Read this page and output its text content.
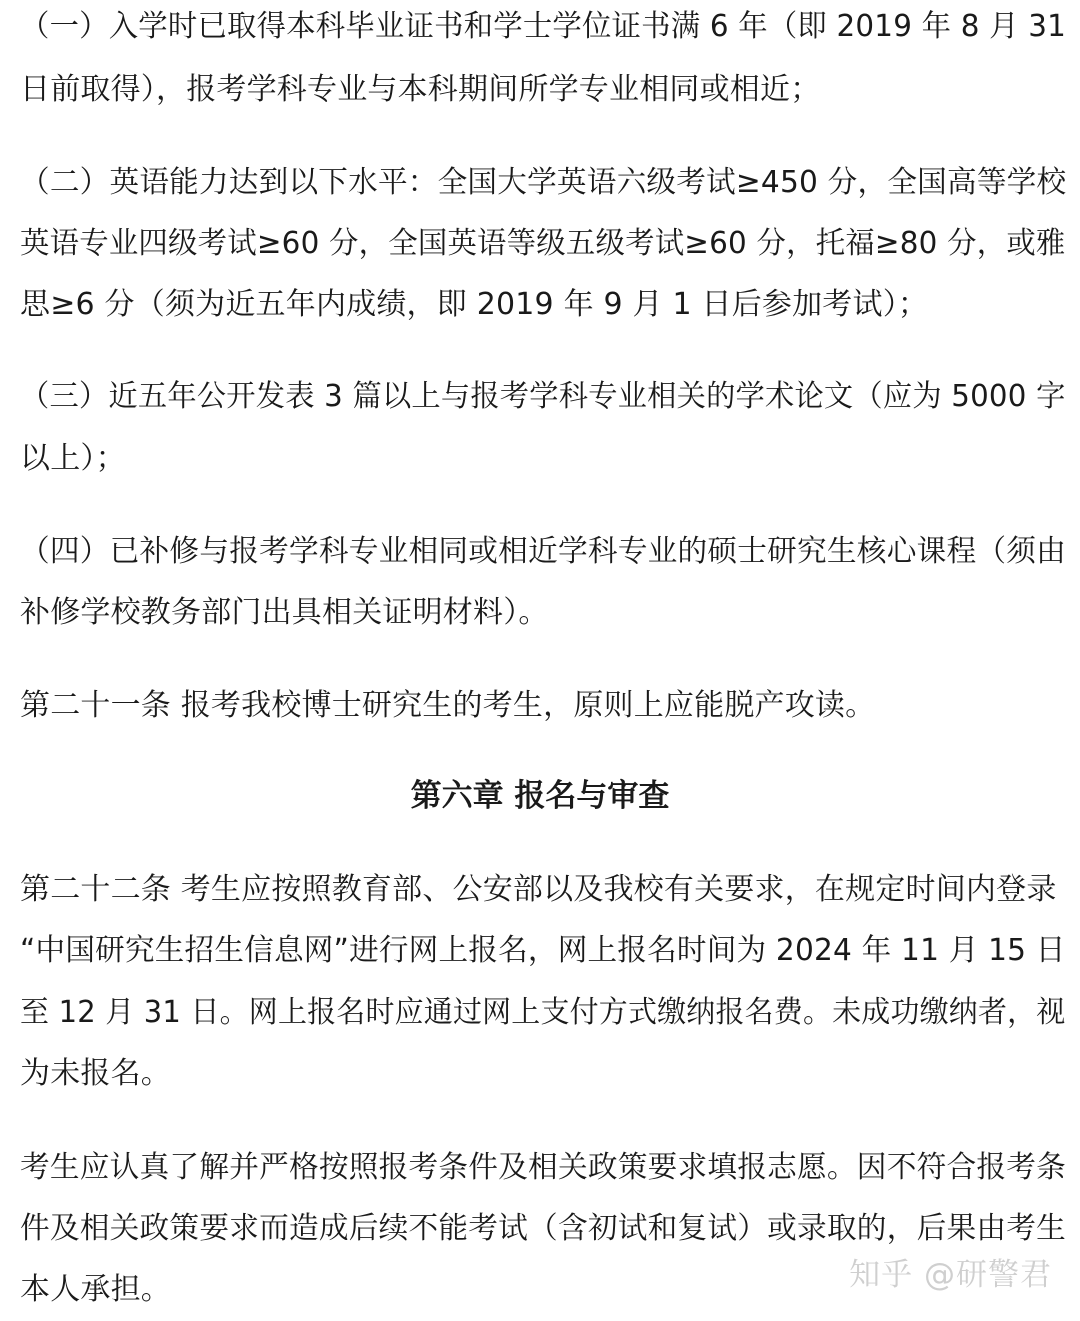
（一）入学时已取得本科毕业证书和学士学位证书满 6 年（即 2019 年 8 月 31
日前取得），报考学科专业与本科期间所学专业相同或相近；
（二）英语能力达到以下水平：全国大学英语六级考试≥450 分，全国高等学校
英语专业四级考试≥60 分，全国英语等级五级考试≥60 分，托福≥80 分，或雅
思≥6 分（须为近五年内成绩，即 2019 年 9 月 1 日后参加考试）；
（三）近五年公开发表 3 篇以上与报考学科专业相关的学术论文（应为 5000 字
以上）；
（四）已补修与报考学科专业相同或相近学科专业的硕士研究生核心课程（须由
补修学校教务部门出具相关证明材料）。
第二十一条 报考我校博士研究生的考生，原则上应能脱产攻读。
第六章 报名与审查
第二十二条 考生应按照教育部、公安部以及我校有关要求，在规定时间内登录
“中国研究生招生信息网”进行网上报名，网上报名时间为 2024 年 11 月 15 日
至 12 月 31 日。网上报名时应通过网上支付方式缴纳报名费。未成功缴纳者，视
为未报名。
考生应认真了解并严格按照报考条件及相关政策要求填报志愿。因不符合报考条
件及相关政策要求而造成后续不能考试（含初试和复试）或录取的，后果由考生
本人承担。	知乎 @研警君
